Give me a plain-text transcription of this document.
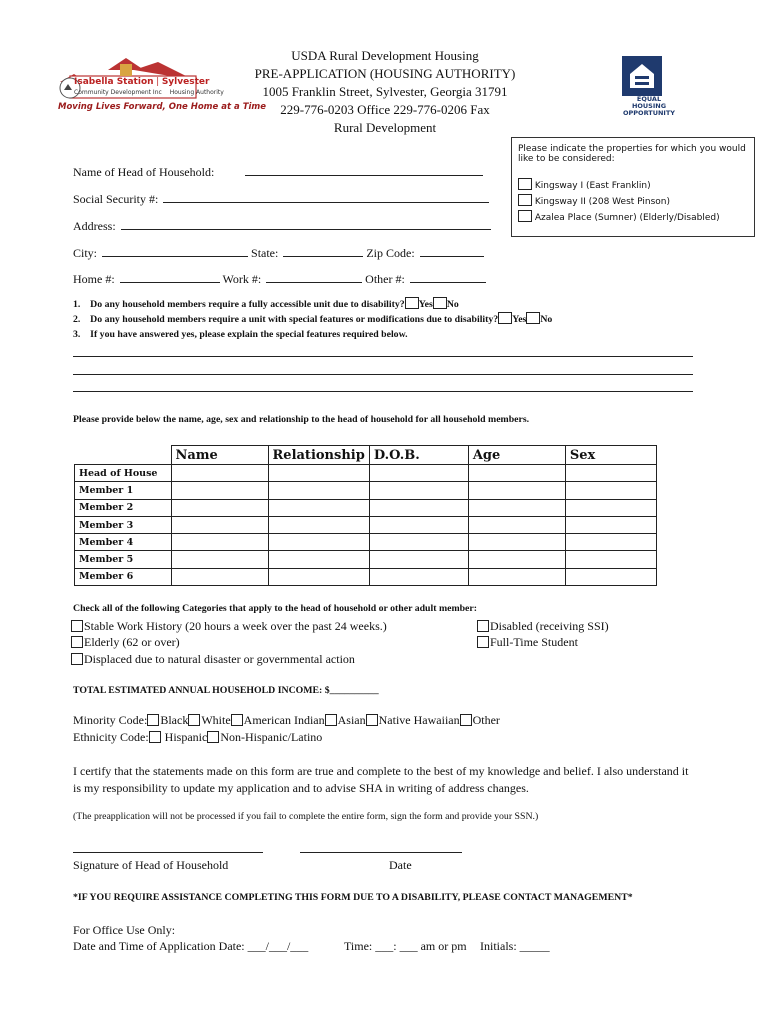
Isabella Station | Sylvester
Community Development Inc Housing Authority
Moving Lives Forward, One Home at a Time
USDA Rural Development Housing
PRE-APPLICATION (HOUSING AUTHORITY)
1005 Franklin Street, Sylvester, Georgia 31791
229-776-0203 Office 229-776-0206 Fax
Rural Development
EQUAL HOUSING
OPPORTUNITY
Please indicate the properties for which you would like to be considered:
Kingsway I (East Franklin)
Kingsway II (208 West Pinson)
Azalea Place (Sumner) (Elderly/Disabled)
Name of Head of Household:
Social Security #:
Address:
City:	State:	Zip Code:
Home #:	Work #:	Other #:
1. Do any household members require a fully accessible unit due to disability? Yes No
2. Do any household members require a unit with special features or modifications due to disability? Yes No
3. If you have answered yes, please explain the special features required below.
Please provide below the name, age, sex and relationship to the head of household for all household members.
	Name	Relationship	D.O.B.	Age	Sex
Head of House					
Member 1					
Member 2					
Member 3					
Member 4					
Member 5					
Member 6					
Check all of the following Categories that apply to the head of household or other adult member:
Stable Work History (20 hours a week over the past 24 weeks.)	Disabled (receiving SSI)
Elderly (62 or over)	Full-Time Student
Displaced due to natural disaster or governmental action
TOTAL ESTIMATED ANNUAL HOUSEHOLD INCOME: $__________
Minority Code: Black White American Indian Asian Native Hawaiian Other
Ethnicity Code: Hispanic Non-Hispanic/Latino
I certify that the statements made on this form are true and complete to the best of my knowledge and belief. I also understand it is my responsibility to update my application and to advise SHA in writing of address changes.
(The preapplication will not be processed if you fail to complete the entire form, sign the form and provide your SSN.)
Signature of Head of Household	Date
*IF YOU REQUIRE ASSISTANCE COMPLETING THIS FORM DUE TO A DISABILITY, PLEASE CONTACT MANAGEMENT*
For Office Use Only:
Date and Time of Application Date: ___/___/___	Time: ___: ___ am or pm Initials: _____
